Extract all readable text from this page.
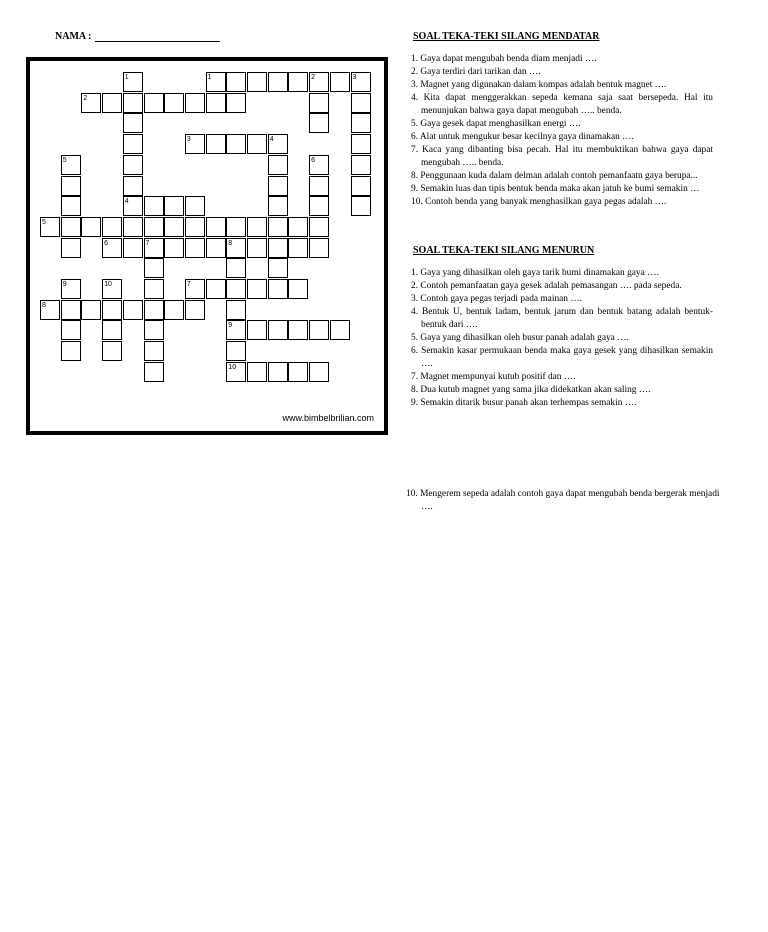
NAMA :
1	1	2	3
2
3	4
5	6
4
5
6	7	8
9	10	7
8
9
10
www.bimbelbrilian.com
SOAL TEKA-TEKI SILANG MENDATAR
1. Gaya dapat mengubah benda diam menjadi ….
2. Gaya terdiri dari tarikan dan ….
3. Magnet yang digunakan dalam kompas adalah bentuk magnet ….
4. Kita dapat menggerakkan sepeda kemana saja saat bersepeda. Hal itu menunjukan bahwa gaya dapat mengubah ….. benda.
5. Gaya gesek dapat menghasilkan energi ….
6. Alat untuk mengukur besar kecilnya gaya dinamakan ….
7. Kaca yang dibanting bisa pecah. Hal itu membuktikan bahwa gaya dapat mengubah ….. benda.
8. Penggunaan kuda dalam delman adalah contoh pemanfaatn gaya berupa...
9. Semakin luas dan tipis bentuk benda maka akan jatuh ke bumi semakin …
10. Contoh benda yang banyak menghasilkan gaya pegas adalah ….
SOAL TEKA-TEKI SILANG MENURUN
1. Gaya yang dihasilkan oleh gaya tarik bumi dinamakan gaya ….
2. Contoh pemanfaatan gaya gesek adalah pemasangan …. pada sepeda.
3. Contoh gaya pegas terjadi pada mainan ….
4. Bentuk U, bentuk ladam, bentuk jarum dan bentuk batang adalah bentuk-bentuk dari ….
5. Gaya yang dihasilkan oleh busur panah adalah gaya ….
6. Semakin kasar permukaan benda maka gaya gesek yang dihasilkan semakin ….
7. Magnet mempunyai kutub positif dan ….
8. Dua kutub magnet yang sama jika didekatkan akan saling ….
9. Semakin ditarik busur panah akan terhempas semakin ….

10. Mengerem sepeda adalah contoh gaya dapat mengubah benda bergerak menjadi ….
